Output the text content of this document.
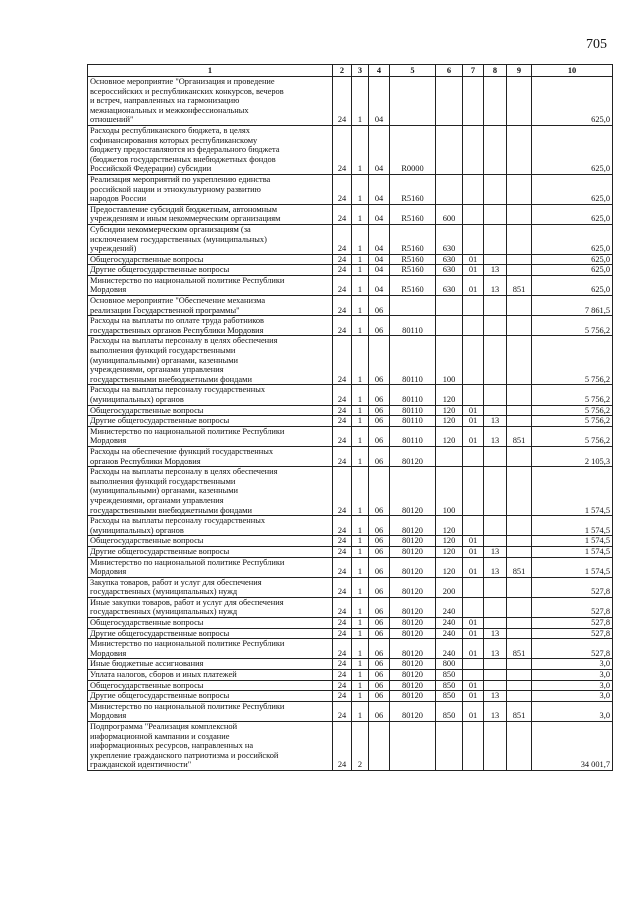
705
1	2	3	4	5	6	7	8	9	10
Основное мероприятие "Организация и проведение
всероссийских и республиканских конкурсов, вечеров
и встреч, направленных на гармонизацию
межнациональных и межконфессиональных
отношений"	24	1	04						625,0
Расходы республиканского бюджета, в целях
софинансирования которых республиканскому
бюджету предоставляются из федерального бюджета
(бюджетов государственных внебюджетных фондов
Российской Федерации) субсидии	24	1	04	R0000					625,0
Реализация мероприятий по укреплению единства
российской нации и этнокультурному развитию
народов России	24	1	04	R5160					625,0
Предоставление субсидий бюджетным, автономным
учреждениям и иным некоммерческим организациям	24	1	04	R5160	600				625,0
Субсидии некоммерческим организациям (за
исключением государственных (муниципальных)
учреждений)	24	1	04	R5160	630				625,0
Общегосударственные вопросы	24	1	04	R5160	630	01			625,0
Другие общегосударственные вопросы	24	1	04	R5160	630	01	13		625,0
Министерство по национальной политике Республики
Мордовия	24	1	04	R5160	630	01	13	851	625,0
Основное мероприятие "Обеспечение механизма
реализации Государственной программы"	24	1	06						7 861,5
Расходы на выплаты по оплате труда работников
государственных органов Республики Мордовия	24	1	06	80110					5 756,2
Расходы на выплаты персоналу в целях обеспечения
выполнения функций государственными
(муниципальными) органами, казенными
учреждениями, органами управления
государственными внебюджетными фондами	24	1	06	80110	100				5 756,2
Расходы на выплаты персоналу государственных
(муниципальных) органов	24	1	06	80110	120				5 756,2
Общегосударственные вопросы	24	1	06	80110	120	01			5 756,2
Другие общегосударственные вопросы	24	1	06	80110	120	01	13		5 756,2
Министерство по национальной политике Республики
Мордовия	24	1	06	80110	120	01	13	851	5 756,2
Расходы на обеспечение функций государственных
органов Республики Мордовия	24	1	06	80120					2 105,3
Расходы на выплаты персоналу в целях обеспечения
выполнения функций государственными
(муниципальными) органами, казенными
учреждениями, органами управления
государственными внебюджетными фондами	24	1	06	80120	100				1 574,5
Расходы на выплаты персоналу государственных
(муниципальных) органов	24	1	06	80120	120				1 574,5
Общегосударственные вопросы	24	1	06	80120	120	01			1 574,5
Другие общегосударственные вопросы	24	1	06	80120	120	01	13		1 574,5
Министерство по национальной политике Республики
Мордовия	24	1	06	80120	120	01	13	851	1 574,5
Закупка товаров, работ и услуг для обеспечения
государственных (муниципальных) нужд	24	1	06	80120	200				527,8
Иные закупки товаров, работ и услуг для обеспечения
государственных (муниципальных) нужд	24	1	06	80120	240				527,8
Общегосударственные вопросы	24	1	06	80120	240	01			527,8
Другие общегосударственные вопросы	24	1	06	80120	240	01	13		527,8
Министерство по национальной политике Республики
Мордовия	24	1	06	80120	240	01	13	851	527,8
Иные бюджетные ассигнования	24	1	06	80120	800				3,0
Уплата налогов, сборов и иных платежей	24	1	06	80120	850				3,0
Общегосударственные вопросы	24	1	06	80120	850	01			3,0
Другие общегосударственные вопросы	24	1	06	80120	850	01	13		3,0
Министерство по национальной политике Республики
Мордовия	24	1	06	80120	850	01	13	851	3,0
Подпрограмма "Реализация комплексной
информационной кампании и создание
информационных ресурсов, направленных на
укрепление гражданского патриотизма и российской
гражданской идентичности"	24	2							34 001,7
